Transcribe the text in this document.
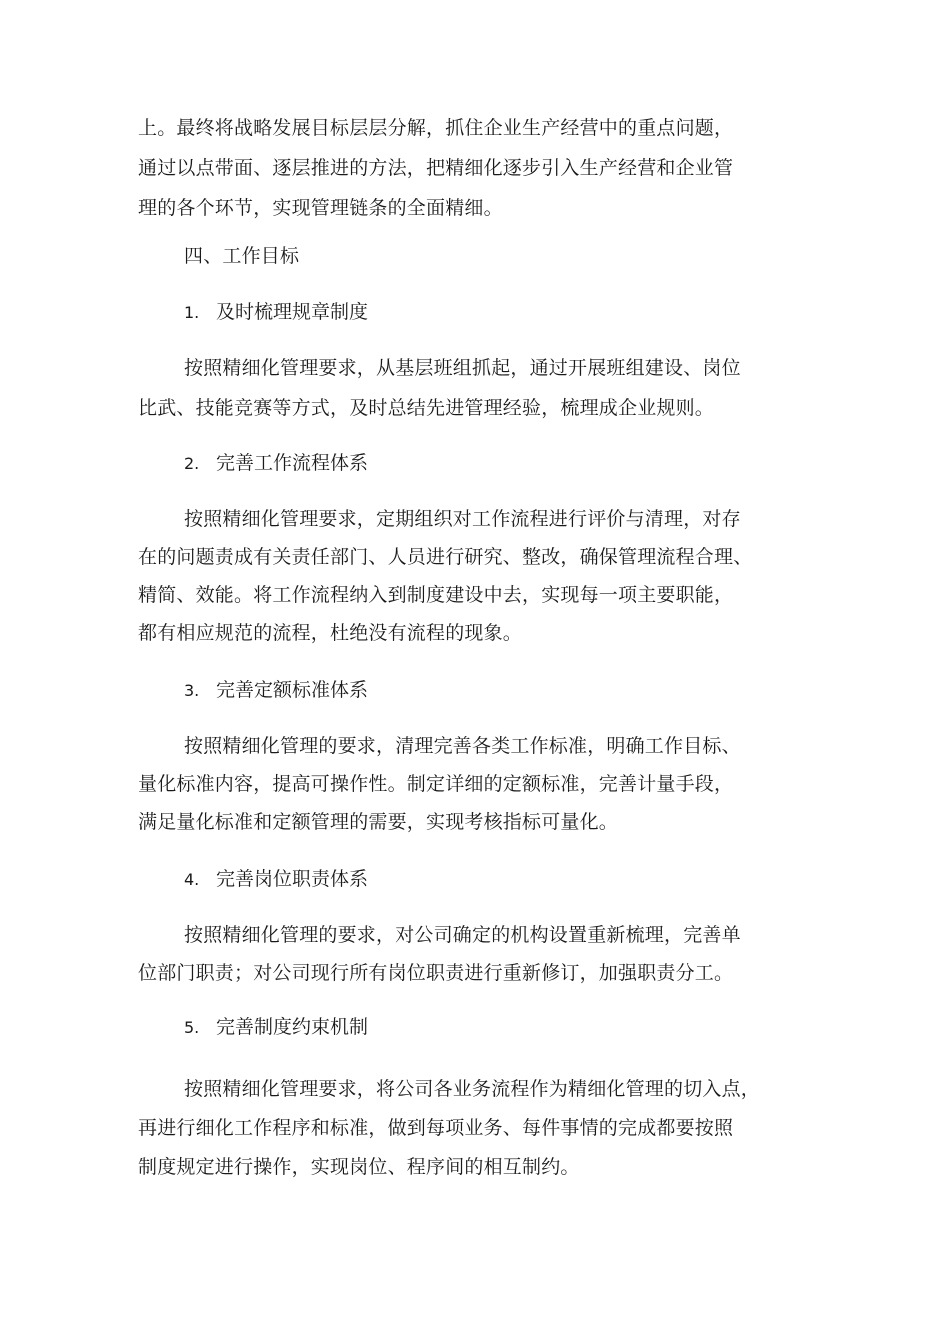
上。最终将战略发展目标层层分解，抓住企业生产经营中的重点问题，
通过以点带面、逐层推进的方法，把精细化逐步引入生产经营和企业管
理的各个环节，实现管理链条的全面精细。
四、工作目标
1. 及时梳理规章制度
按照精细化管理要求，从基层班组抓起，通过开展班组建设、岗位
比武、技能竞赛等方式，及时总结先进管理经验，梳理成企业规则。
2. 完善工作流程体系
按照精细化管理要求，定期组织对工作流程进行评价与清理，对存
在的问题责成有关责任部门、人员进行研究、整改，确保管理流程合理、
精简、效能。将工作流程纳入到制度建设中去，实现每一项主要职能，
都有相应规范的流程，杜绝没有流程的现象。
3. 完善定额标准体系
按照精细化管理的要求，清理完善各类工作标准，明确工作目标、
量化标准内容，提高可操作性。制定详细的定额标准，完善计量手段，
满足量化标准和定额管理的需要，实现考核指标可量化。
4. 完善岗位职责体系
按照精细化管理的要求，对公司确定的机构设置重新梳理，完善单
位部门职责；对公司现行所有岗位职责进行重新修订，加强职责分工。
5. 完善制度约束机制
按照精细化管理要求，将公司各业务流程作为精细化管理的切入点，
再进行细化工作程序和标准，做到每项业务、每件事情的完成都要按照
制度规定进行操作，实现岗位、程序间的相互制约。
